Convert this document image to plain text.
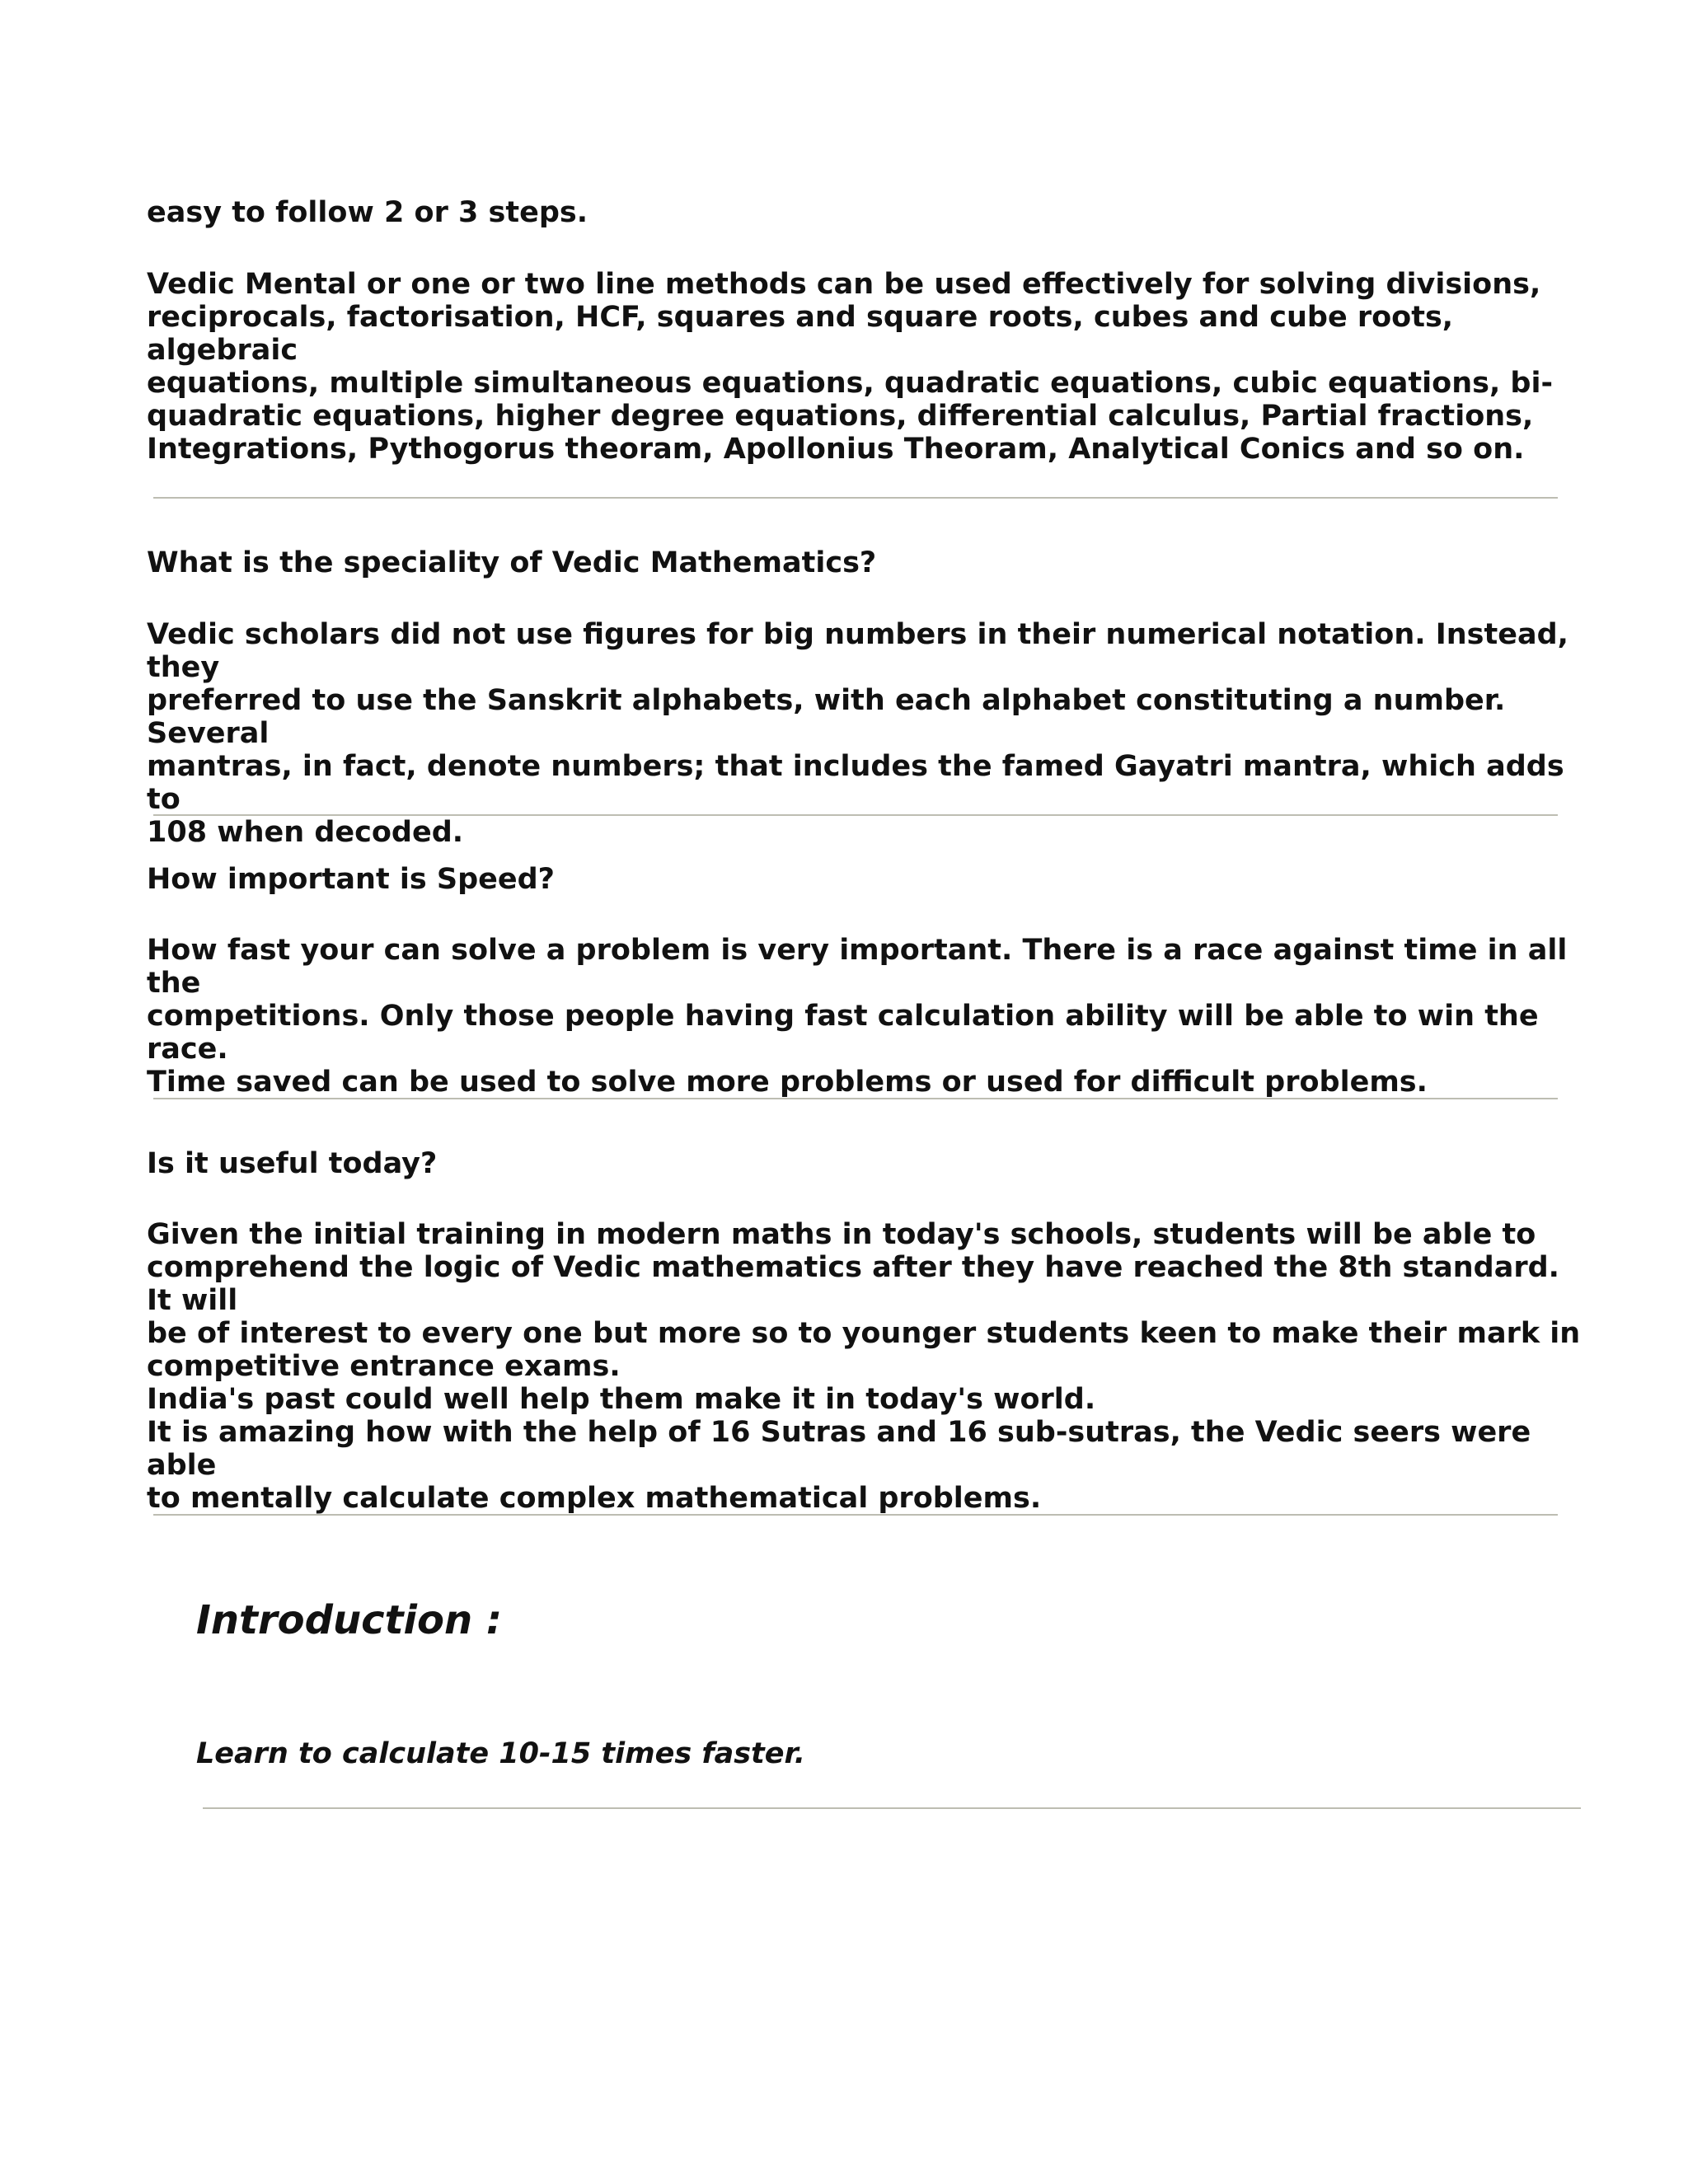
easy to follow 2 or 3 steps.

Vedic Mental or one or two line methods can be used effectively for solving divisions,
reciprocals, factorisation, HCF, squares and square roots, cubes and cube roots, algebraic
equations, multiple simultaneous equations, quadratic equations, cubic equations, bi-
quadratic equations, higher degree equations, differential calculus, Partial fractions,
Integrations, Pythogorus theoram, Apollonius Theoram, Analytical Conics and so on.

What is the speciality of Vedic Mathematics?

Vedic scholars did not use figures for big numbers in their numerical notation. Instead, they
preferred to use the Sanskrit alphabets, with each alphabet constituting a number. Several
mantras, in fact, denote numbers; that includes the famed Gayatri mantra, which adds to
108 when decoded.

How important is Speed?

How fast your can solve a problem is very important. There is a race against time in all the
competitions. Only those people having fast calculation ability will be able to win the race.
Time saved can be used to solve more problems or used for difficult problems.

Is it useful today?

Given the initial training in modern maths in today's schools, students will be able to
comprehend the logic of Vedic mathematics after they have reached the 8th standard. It will
be of interest to every one but more so to younger students keen to make their mark in
competitive entrance exams.
India's past could well help them make it in today's world.
It is amazing how with the help of 16 Sutras and 16 sub-sutras, the Vedic seers were able
to mentally calculate complex mathematical problems.

Introduction :

Learn to calculate 10-15 times faster.
